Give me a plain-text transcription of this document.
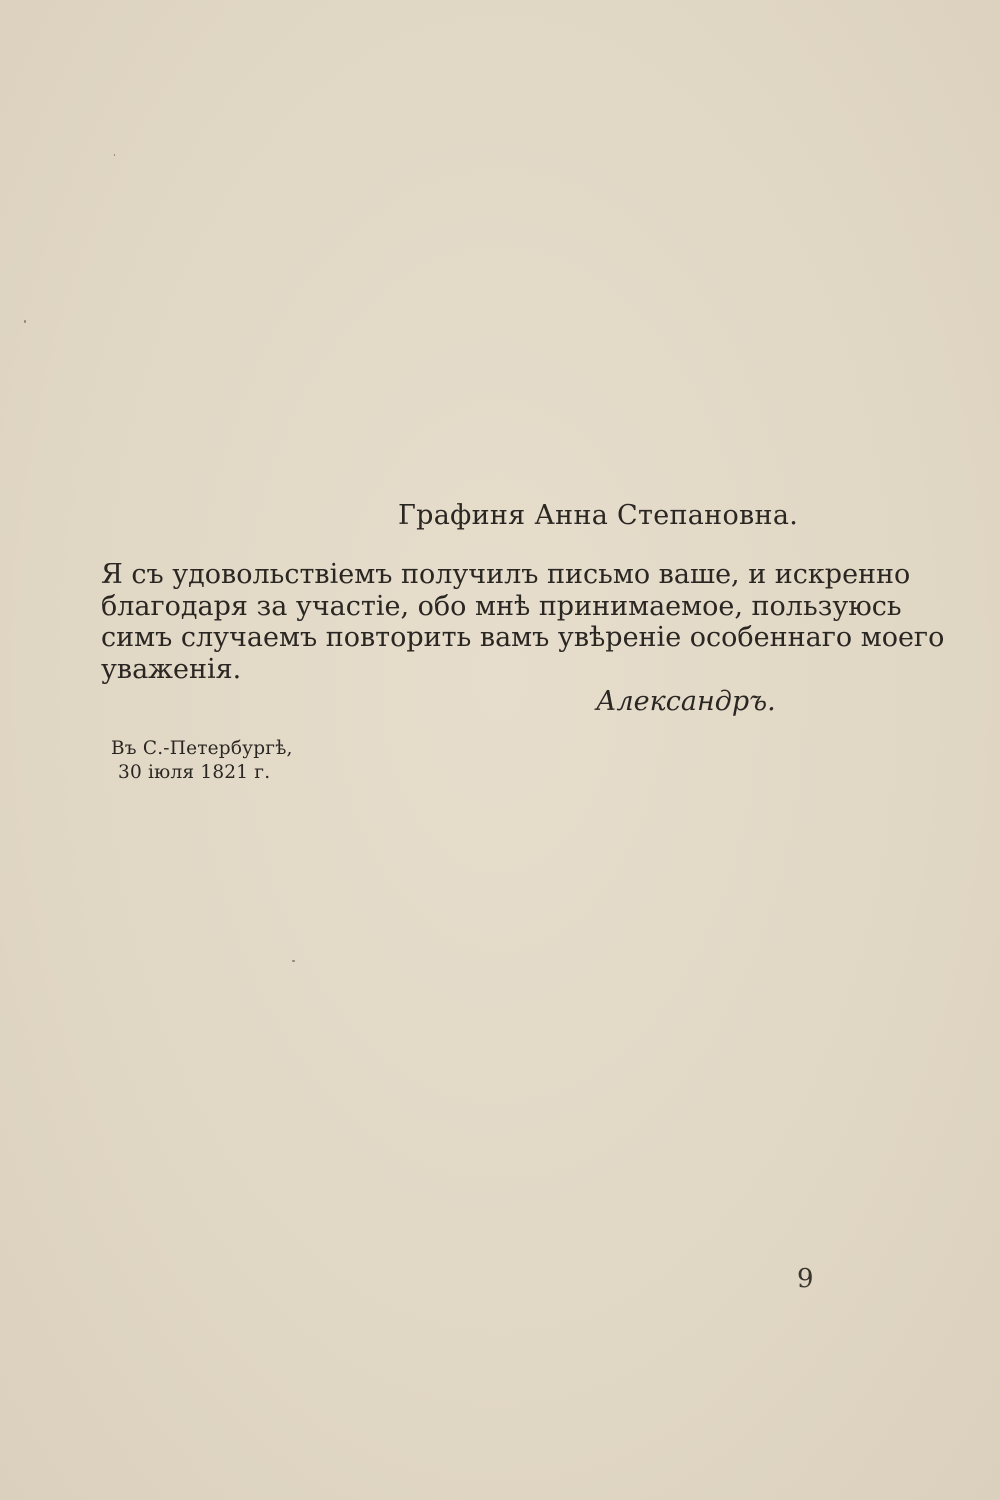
Графиня Анна Степановна.
Я съ удовольствіемъ получилъ письмо ваше, и искренно
благодаря за участіе, обо мнѣ принимаемое, пользуюсь
симъ случаемъ повторить вамъ увѣреніе особеннаго моего
уваженія.
Александръ.
Въ С.-Петербургѣ,
30 іюля 1821 г.
9
